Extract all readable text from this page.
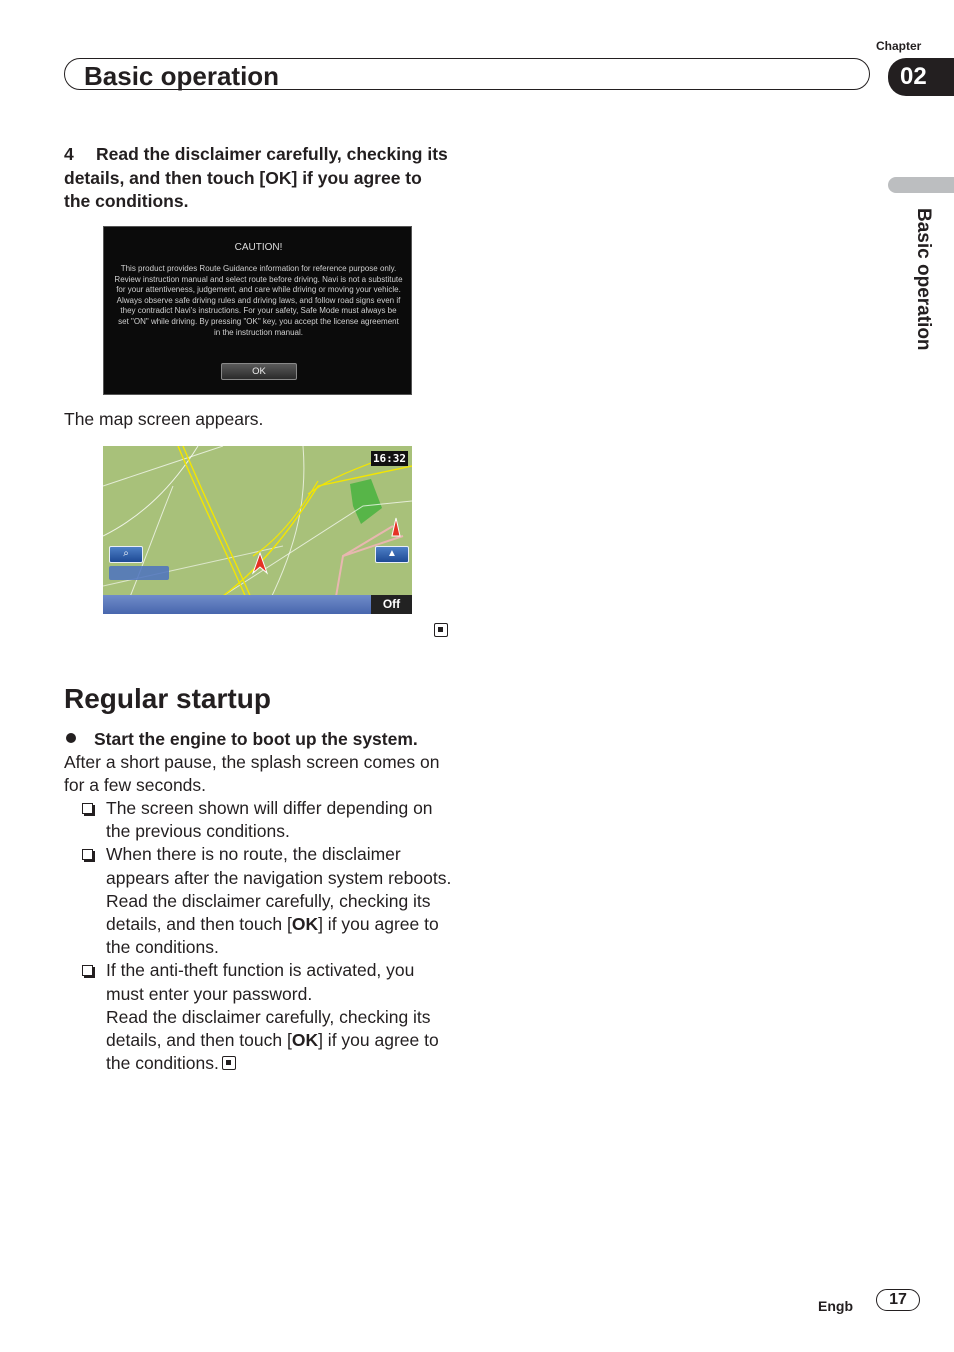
Chapter
Basic operation	02
Basic operation
4 Read the disclaimer carefully, checking its details, and then touch [OK] if you agree to the conditions.
CAUTION!
This product provides Route Guidance information for reference purpose only. Review instruction manual and select route before driving. Navi is not a substitute for your attentiveness, judgement, and care while driving or moving your vehicle. Always observe safe driving rules and driving laws, and follow road signs even if they contradict Navi's instructions. For your safety, Safe Mode must always be set "ON" while driving. By pressing "OK" key, you accept the license agreement in the instruction manual.
OK
The map screen appears.
16:32
⌕	▲
Off
Regular startup
Start the engine to boot up the system.
After a short pause, the splash screen comes on for a few seconds.
The screen shown will differ depending on the previous conditions.
When there is no route, the disclaimer appears after the navigation system reboots.
Read the disclaimer carefully, checking its details, and then touch [OK] if you agree to the conditions.
If the anti-theft function is activated, you must enter your password.
Read the disclaimer carefully, checking its details, and then touch [OK] if you agree to the conditions.
Engb	17
